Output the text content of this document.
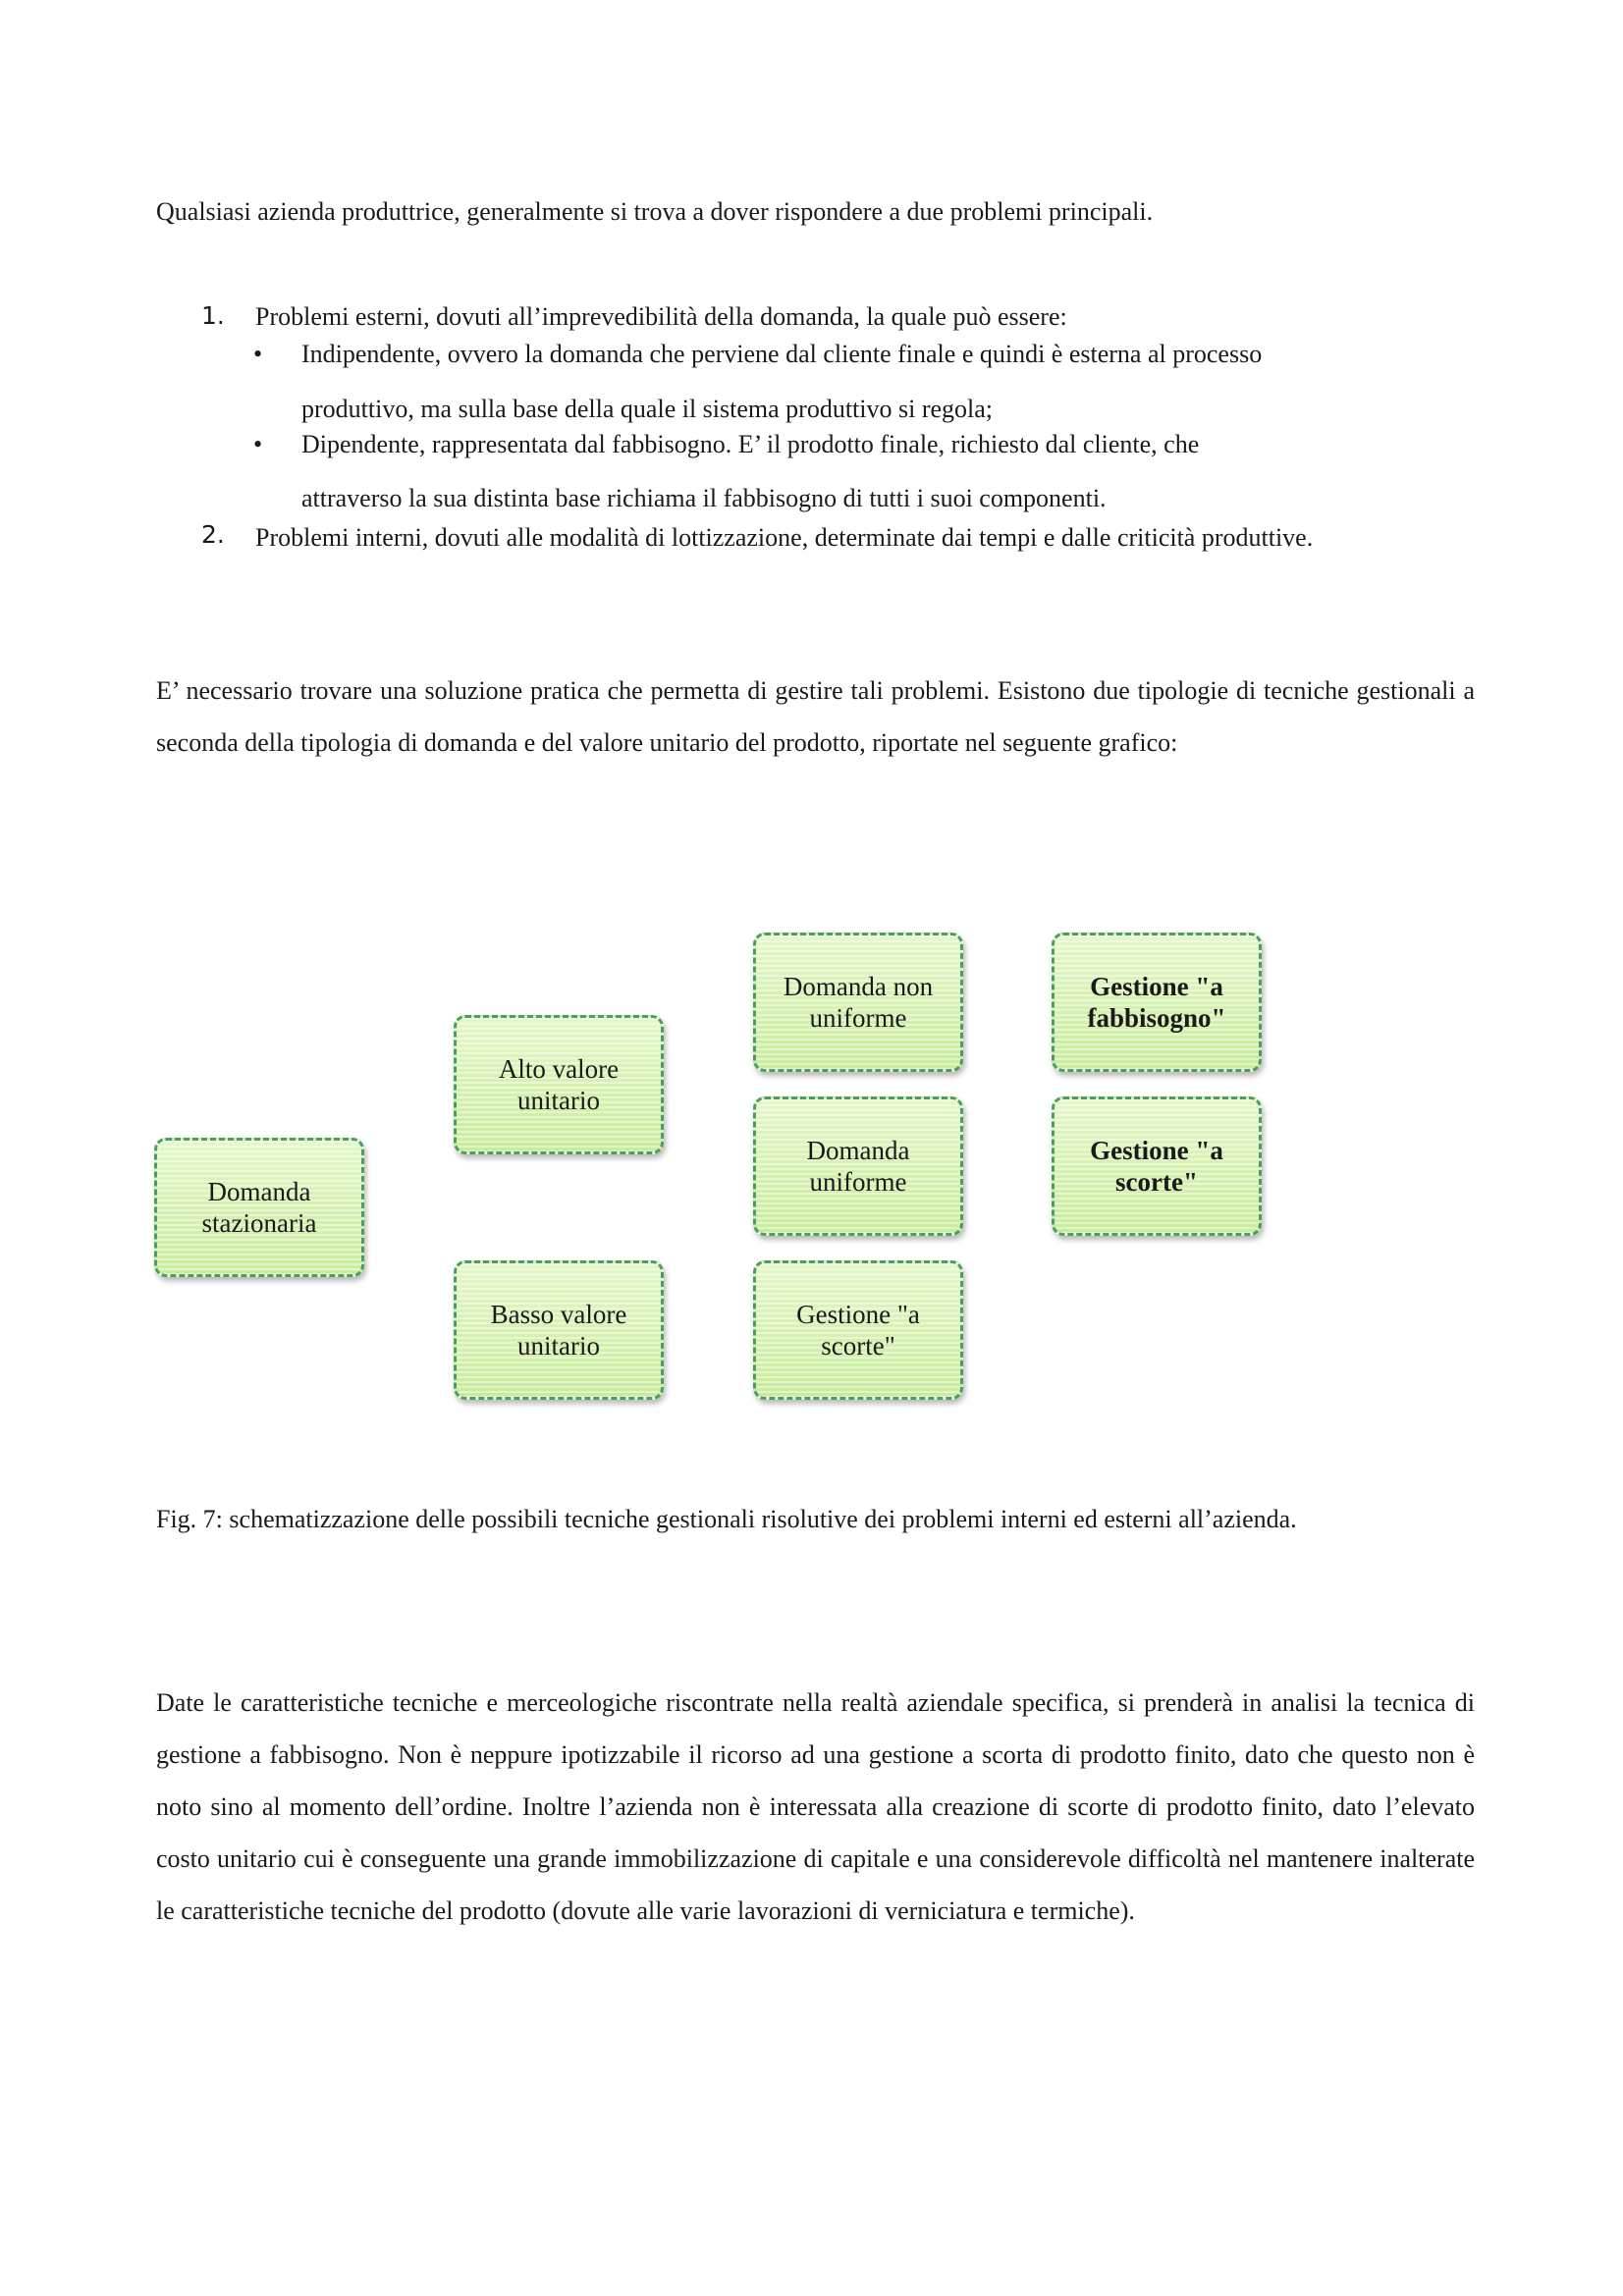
Qualsiasi azienda produttrice, generalmente si trova a dover rispondere a due problemi principali.

1. Problemi esterni, dovuti all’imprevedibilità della domanda, la quale può essere:

• Indipendente, ovvero la domanda che perviene dal cliente finale e quindi è esterna al processo

produttivo, ma sulla base della quale il sistema produttivo si regola;

• Dipendente, rappresentata dal fabbisogno. E’ il prodotto finale, richiesto dal cliente, che

attraverso la sua distinta base richiama il fabbisogno di tutti i suoi componenti.

2. Problemi interni, dovuti alle modalità di lottizzazione, determinate dai tempi e dalle criticità produttive.

E’ necessario trovare una soluzione pratica che permetta di gestire tali problemi. Esistono due tipologie di tecniche gestionali a seconda della tipologia di domanda e del valore unitario del prodotto, riportate nel seguente grafico:

Domanda stazionaria
Alto valore unitario
Basso valore unitario
Domanda non uniforme
Domanda uniforme
Gestione "a scorte"
Gestione "a fabbisogno"
Gestione "a scorte"

Fig. 7: schematizzazione delle possibili tecniche gestionali risolutive dei problemi interni ed esterni all’azienda.

Date le caratteristiche tecniche e merceologiche riscontrate nella realtà aziendale specifica, si prenderà in analisi la tecnica di gestione a fabbisogno. Non è neppure ipotizzabile il ricorso ad una gestione a scorta di prodotto finito, dato che questo non è noto sino al momento dell’ordine. Inoltre l’azienda non è interessata alla creazione di scorte di prodotto finito, dato l’elevato costo unitario cui è conseguente una grande immobilizzazione di capitale e una considerevole difficoltà nel mantenere inalterate le caratteristiche tecniche del prodotto (dovute alle varie lavorazioni di verniciatura e termiche).
